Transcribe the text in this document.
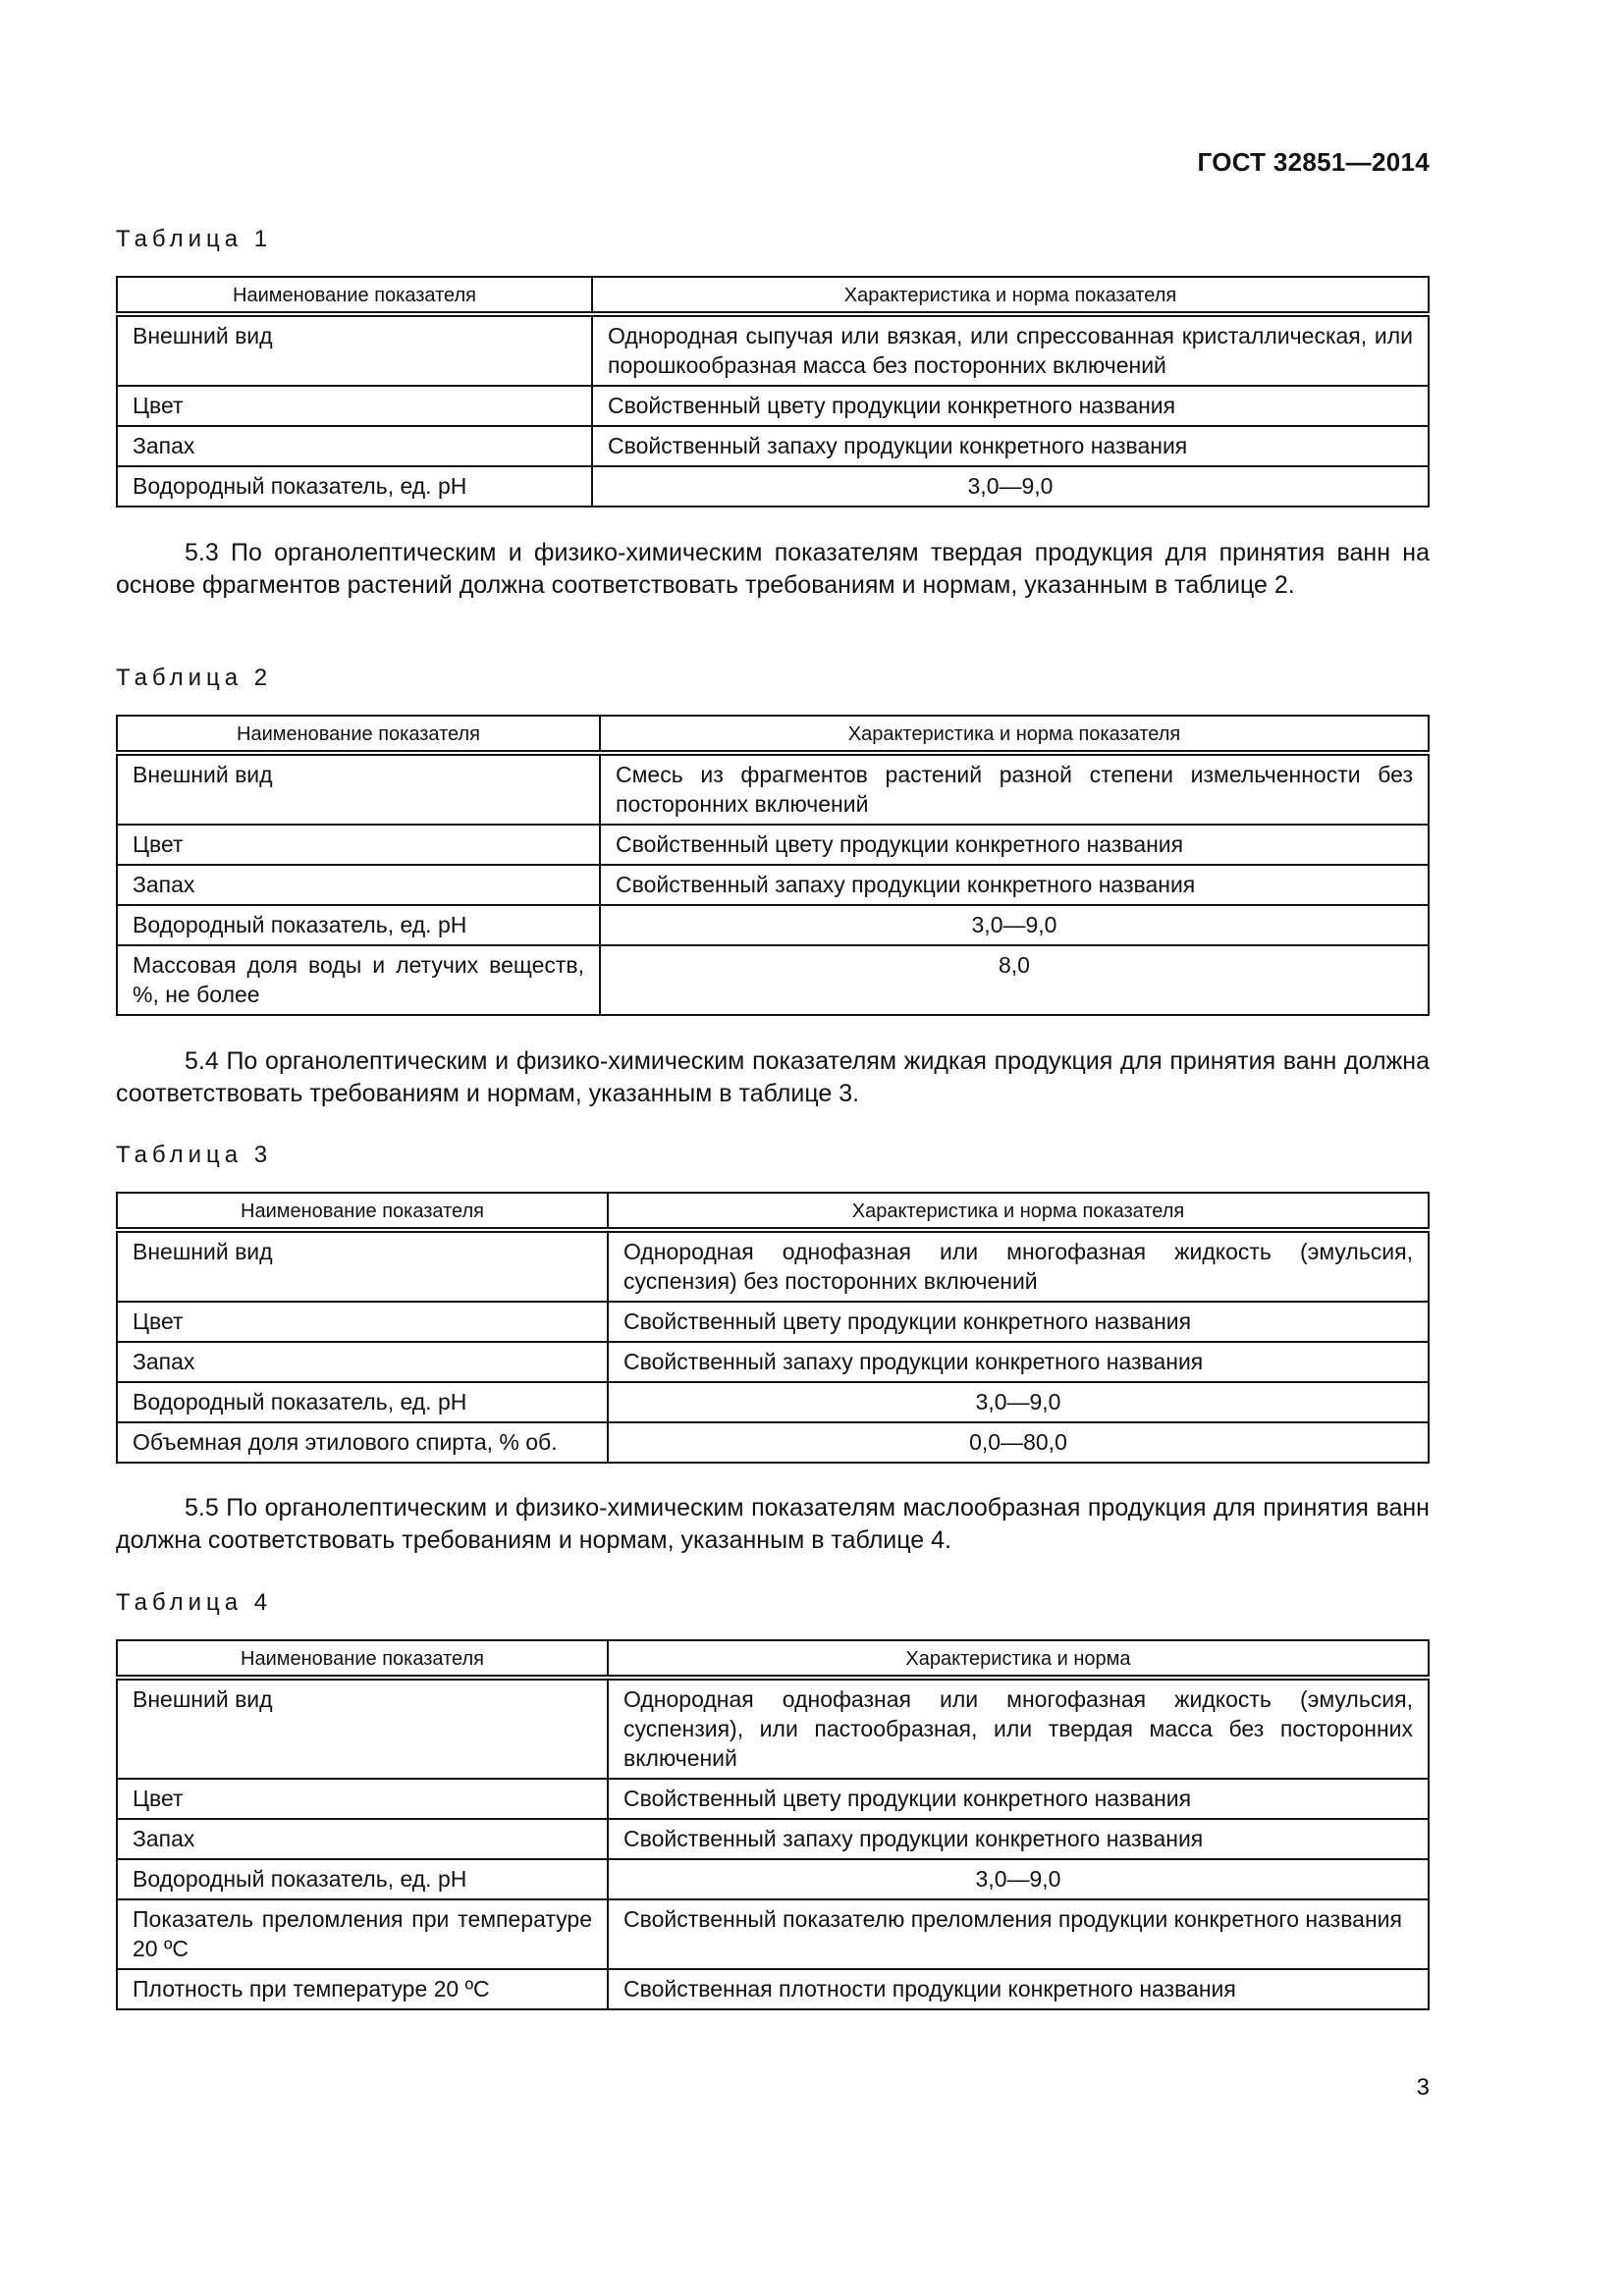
ГОСТ 32851—2014
Таблица 1
Наименование показателя	Характеристика и норма показателя
Внешний вид	Однородная сыпучая или вязкая, или спрессованная кристаллическая, или порошкообразная масса без посторонних включений
Цвет	Свойственный цвету продукции конкретного названия
Запах	Свойственный запаху продукции конкретного названия
Водородный показатель, ед. pH	3,0—9,0

5.3 По органолептическим и физико-химическим показателям твердая продукция для принятия ванн на основе фрагментов растений должна соответствовать требованиям и нормам, указанным в таблице 2.

Таблица 2
Наименование показателя	Характеристика и норма показателя
Внешний вид	Смесь из фрагментов растений разной степени измельченности без посторонних включений
Цвет	Свойственный цвету продукции конкретного названия
Запах	Свойственный запаху продукции конкретного названия
Водородный показатель, ед. pH	3,0—9,0
Массовая доля воды и летучих веществ, %, не более	8,0

5.4 По органолептическим и физико-химическим показателям жидкая продукция для принятия ванн должна соответствовать требованиям и нормам, указанным в таблице 3.

Таблица 3
Наименование показателя	Характеристика и норма показателя
Внешний вид	Однородная однофазная или многофазная жидкость (эмульсия, суспензия) без посторонних включений
Цвет	Свойственный цвету продукции конкретного названия
Запах	Свойственный запаху продукции конкретного названия
Водородный показатель, ед. pH	3,0—9,0
Объемная доля этилового спирта, % об.	0,0—80,0

5.5 По органолептическим и физико-химическим показателям маслообразная продукция для принятия ванн должна соответствовать требованиям и нормам, указанным в таблице 4.

Таблица 4
Наименование показателя	Характеристика и норма
Внешний вид	Однородная однофазная или многофазная жидкость (эмульсия, суспензия), или пастообразная, или твердая масса без посторонних включений
Цвет	Свойственный цвету продукции конкретного названия
Запах	Свойственный запаху продукции конкретного названия
Водородный показатель, ед. pH	3,0—9,0
Показатель преломления при температуре 20 ºС	Свойственный показателю преломления продукции конкретного названия
Плотность при температуре 20 ºС	Свойственная плотности продукции конкретного названия
3
